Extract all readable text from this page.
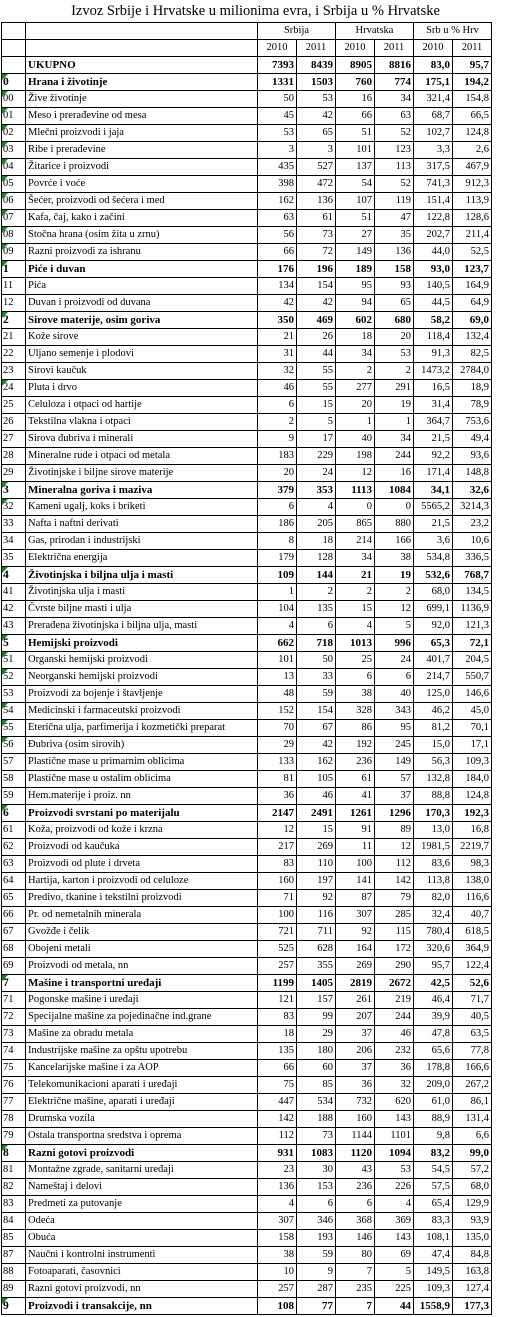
Izvoz Srbije i Hrvatske u milionima evra, i Srbija u % Hrvatske
		Srbija		Hrvatska		Srb u % Hrv	
		2010	2011	2010	2011	2010	2011
	UKUPNO	7393	8439	8905	8816	83,0	95,7

0	Hrana i životinje	1331	1503	760	774	175,1	194,2

00	Žive životinje	50	53	16	34	321,4	154,8

01	Meso i prerađevine od mesa	45	42	66	63	68,7	66,5

02	Mlečni proizvodi i jaja	53	65	51	52	102,7	124,8

03	Ribe i prerađevine	3	3	101	123	3,3	2,6

04	Žitarice i proizvodi	435	527	137	113	317,5	467,9

05	Povrće i voće	398	472	54	52	741,3	912,3

06	Šećer, proizvodi od šećera i med	162	136	107	119	151,4	113,9

07	Kafa, čaj, kako i začini	63	61	51	47	122,8	128,6

08	Stočna hrana (osim žita u zrnu)	56	73	27	35	202,7	211,4

09	Razni proizvodi za ishranu	66	72	149	136	44,0	52,5

1	Piće i duvan	176	196	189	158	93,0	123,7
11	Pića	134	154	95	93	140,5	164,9
12	Duvan i proizvodi od duvana	42	42	94	65	44,5	64,9

2	Sirove materije, osim goriva	350	469	602	680	58,2	69,0
21	Kože sirove	21	26	18	20	118,4	132,4
22	Uljano semenje i plodovi	31	44	34	53	91,3	82,5
23	Sirovi kaučuk	32	55	2	2	1473,2	2784,0

24	Pluta i drvo	46	55	277	291	16,5	18,9
25	Celuloza i otpaci od hartije	6	15	20	19	31,4	78,9
26	Tekstilna vlakna i otpaci	2	5	1	1	364,7	753,6
27	Sirova đubriva i minerali	9	17	40	34	21,5	49,4
28	Mineralne rude i otpaci od metala	183	229	198	244	92,2	93,6
29	Životinjske i biljne sirove materije	20	24	12	16	171,4	148,8

3	Mineralna goriva i maziva	379	353	1113	1084	34,1	32,6

32	Kameni ugalj, koks i briketi	6	4	0	0	5565,2	3214,3
33	Nafta i naftni derivati	186	205	865	880	21,5	23,2
34	Gas, prirodan i industrijski	8	18	214	166	3,6	10,6
35	Električna energija	179	128	34	38	534,8	336,5

4	Životinjska i biljna ulja i masti	109	144	21	19	532,6	768,7
41	Životinjska ulja i masti	1	2	2	2	68,0	134,5
42	Čvrste biljne masti i ulja	104	135	15	12	699,1	1136,9
43	Prerađena životinjska i biljna ulja, masti	4	6	4	5	92,0	121,3

5	Hemijski proizvodi	662	718	1013	996	65,3	72,1

51	Organski hemijski proizvodi	101	50	25	24	401,7	204,5

52	Neorganski hemijski proizvodi	13	33	6	6	214,7	550,7
53	Proizvodi za bojenje i štavljenje	48	59	38	40	125,0	146,6

54	Medicinski i farmaceutski proizvodi	152	154	328	343	46,2	45,0

55	Eterična ulja, parfimerija i kozmetički preparat	70	67	86	95	81,2	70,1

56	Đubriva (osim sirovih)	29	42	192	245	15,0	17,1
57	Plastične mase u primarnim oblicima	133	162	236	149	56,3	109,3
58	Plastične mase u ostalim oblicima	81	105	61	57	132,8	184,0
59	Hem.materije i proiz. nn	36	46	41	37	88,8	124,8

6	Proizvodi svrstani po materijalu	2147	2491	1261	1296	170,3	192,3
61	Koža, proizvodi od kože i krzna	12	15	91	89	13,0	16,8
62	Proizvodi od kaučuka	217	269	11	12	1981,5	2219,7
63	Proizvodi od plute i drveta	83	110	100	112	83,6	98,3
64	Hartija, karton i proizvodi od celuloze	160	197	141	142	113,8	138,0
65	Predivo, tkanine i tekstilni proizvodi	71	92	87	79	82,0	116,6
66	Pr. od nemetalnih minerala	100	116	307	285	32,4	40,7
67	Gvožđe i čelik	721	711	92	115	780,4	618,5
68	Obojeni metali	525	628	164	172	320,6	364,9
69	Proizvodi od metala, nn	257	355	269	290	95,7	122,4

7	Mašine i transportni uređaji	1199	1405	2819	2672	42,5	52,6
71	Pogonske mašine i uređaji	121	157	261	219	46,4	71,7
72	Specijalne mašine za pojedinačne ind.grane	83	99	207	244	39,9	40,5
73	Mašine za obradu metala	18	29	37	46	47,8	63,5
74	Industrijske mašine za opštu upotrebu	135	180	206	232	65,6	77,8
75	Kancelarijske mašine i za AOP	66	60	37	36	178,8	166,6
76	Telekomunikacioni aparati i uređaji	75	85	36	32	209,0	267,2
77	Električne mašine, aparati i uređaji	447	534	732	620	61,0	86,1
78	Drumska vozila	142	188	160	143	88,9	131,4
79	Ostala transportna sredstva i oprema	112	73	1144	1101	9,8	6,6

8	Razni gotovi proizvodi	931	1083	1120	1094	83,2	99,0
81	Montažne zgrade, sanitarni uređaji	23	30	43	53	54,5	57,2
82	Nameštaj i delovi	136	153	236	226	57,5	68,0
83	Predmeti za putovanje	4	6	6	4	65,4	129,9
84	Odeća	307	346	368	369	83,3	93,9
85	Obuća	158	193	146	143	108,1	135,0
87	Naučni i kontrolni instrumenti	38	59	80	69	47,4	84,8
88	Fotoaparati, časovnici	10	9	7	5	149,5	163,8
89	Razni gotovi proizvodi, nn	257	287	235	225	109,3	127,4

9	Proizvodi i transakcije, nn	108	77	7	44	1558,9	177,3
